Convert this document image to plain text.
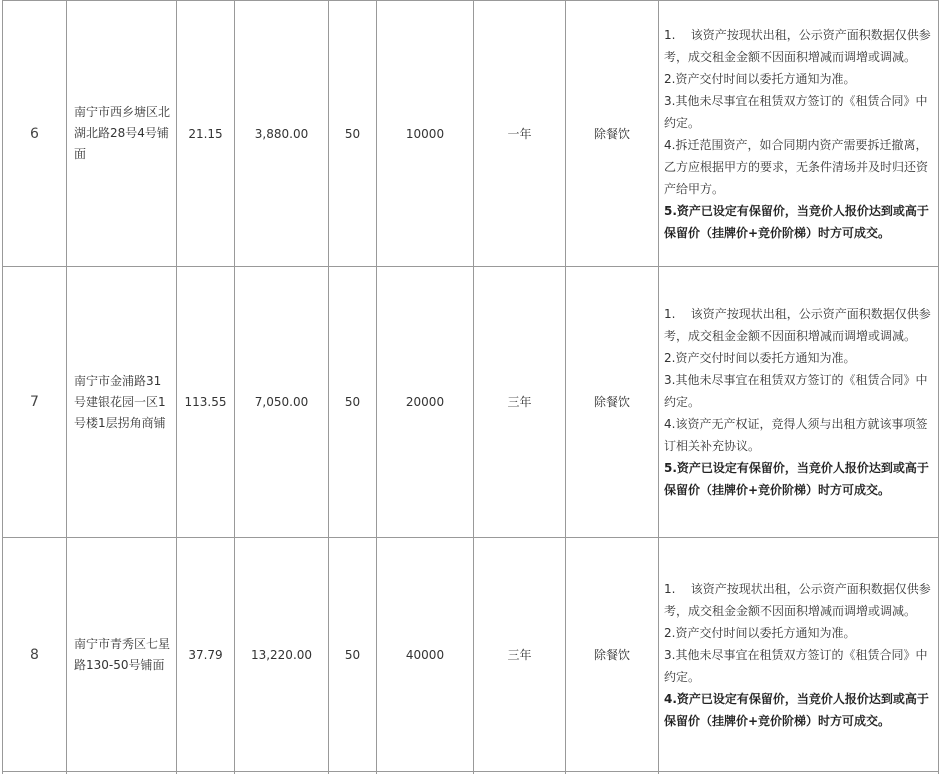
6	南宁市西乡塘区北湖北路28号4号铺面	21.15	3,880.00	50	10000	一年	除餐饮	1.    该资产按现状出租，公示资产面积数据仅供参考，成交租金金额不因面积增减而调增或调减。
2.资产交付时间以委托方通知为准。
3.其他未尽事宜在租赁双方签订的《租赁合同》中约定。
4.拆迁范围资产，如合同期内资产需要拆迁撤离，乙方应根据甲方的要求，无条件清场并及时归还资产给甲方。
5.资产已设定有保留价，当竞价人报价达到或高于保留价（挂牌价+竞价阶梯）时方可成交。

7	南宁市金浦路31号建银花园一区1号楼1层拐角商铺	113.55	7,050.00	50	20000	三年	除餐饮	1.    该资产按现状出租，公示资产面积数据仅供参考，成交租金金额不因面积增减而调增或调减。
2.资产交付时间以委托方通知为准。
3.其他未尽事宜在租赁双方签订的《租赁合同》中约定。
4.该资产无产权证，竞得人须与出租方就该事项签订相关补充协议。
5.资产已设定有保留价，当竞价人报价达到或高于保留价（挂牌价+竞价阶梯）时方可成交。

8	南宁市青秀区七星路130-50号铺面	37.79	13,220.00	50	40000	三年	除餐饮	1.    该资产按现状出租，公示资产面积数据仅供参考，成交租金金额不因面积增减而调增或调减。
2.资产交付时间以委托方通知为准。
3.其他未尽事宜在租赁双方签订的《租赁合同》中约定。
4.资产已设定有保留价，当竞价人报价达到或高于保留价（挂牌价+竞价阶梯）时方可成交。
